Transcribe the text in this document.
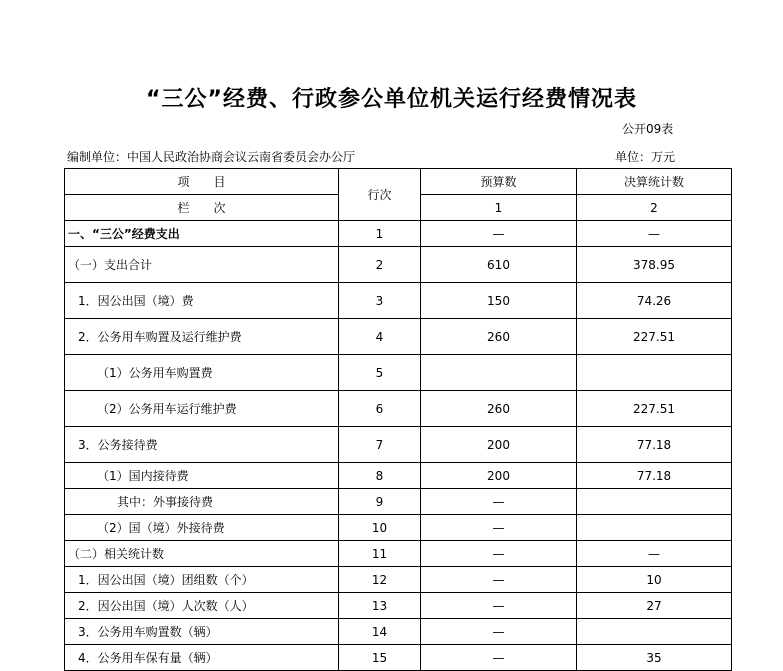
“三公”经费、行政参公单位机关运行经费情况表
公开09表
编制单位：中国人民政治协商会议云南省委员会办公厅	单位：万元
项　　目	行次	预算数	决算统计数
栏　　次		1	2
一、“三公”经费支出	1	—	—
（一）支出合计	2	610	378.95
1．因公出国（境）费	3	150	74.26
2．公务用车购置及运行维护费	4	260	227.51
（1）公务用车购置费	5		
（2）公务用车运行维护费	6	260	227.51
3．公务接待费	7	200	77.18
（1）国内接待费	8	200	77.18
其中：外事接待费	9	—	
（2）国（境）外接待费	10	—	
（二）相关统计数	11	—	—
1．因公出国（境）团组数（个）	12	—	10
2．因公出国（境）人次数（人）	13	—	27
3．公务用车购置数（辆）	14	—	
4．公务用车保有量（辆）	15	—	35
